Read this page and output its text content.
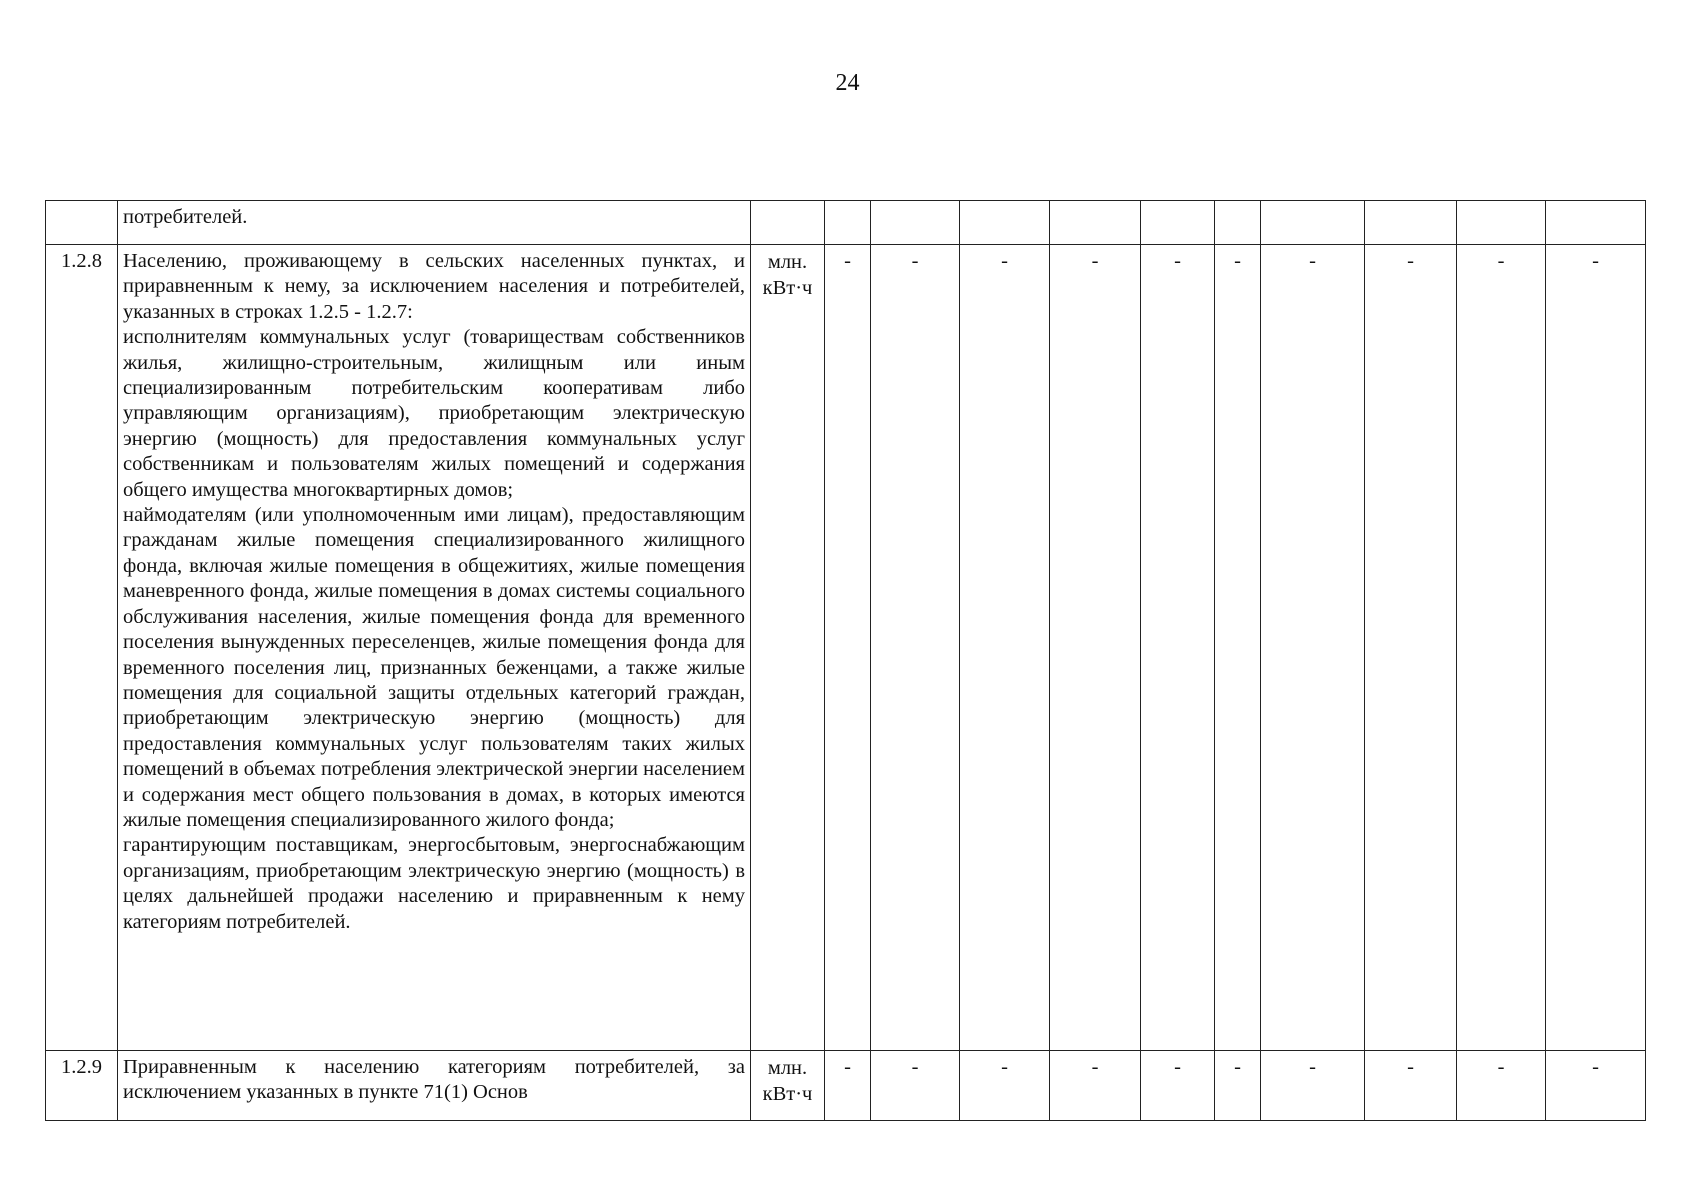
24

	потребителей.											

1.2.8	Населению, проживающему в сельских населенных пунктах, и приравненным к нему, за исключением населения и потребителей, указанных в строках 1.2.5 - 1.2.7:

исполнителям коммунальных услуг (товариществам собственников жилья, жилищно-строительным, жилищным или иным специализированным потребительским кооперативам либо управляющим организациям), приобретающим электрическую энергию (мощность) для предоставления коммунальных услуг собственникам и пользователям жилых помещений и содержания общего имущества многоквартирных домов;

наймодателям (или уполномоченным ими лицам), предоставляющим гражданам жилые помещения специализированного жилищного фонда, включая жилые помещения в общежитиях, жилые помещения маневренного фонда, жилые помещения в домах системы социального обслуживания населения, жилые помещения фонда для временного поселения вынужденных переселенцев, жилые помещения фонда для временного поселения лиц, признанных беженцами, а также жилые помещения для социальной защиты отдельных категорий граждан, приобретающим электрическую энергию (мощность) для предоставления коммунальных услуг пользователям таких жилых помещений в объемах потребления электрической энергии населением и содержания мест общего пользования в домах, в которых имеются жилые помещения специализированного жилого фонда;

гарантирующим поставщикам, энергосбытовым, энергоснабжающим организациям, приобретающим электрическую энергию (мощность) в целях дальнейшей продажи населению и приравненным к нему категориям потребителей.	млн. кВт·ч	-	-	-	-	-	-	-	-	-	-
1.2.9	Приравненным к населению категориям потребителей, за исключением указанных в пункте 71(1) Основ	млн. кВт·ч	-	-	-	-	-	-	-	-	-	-
